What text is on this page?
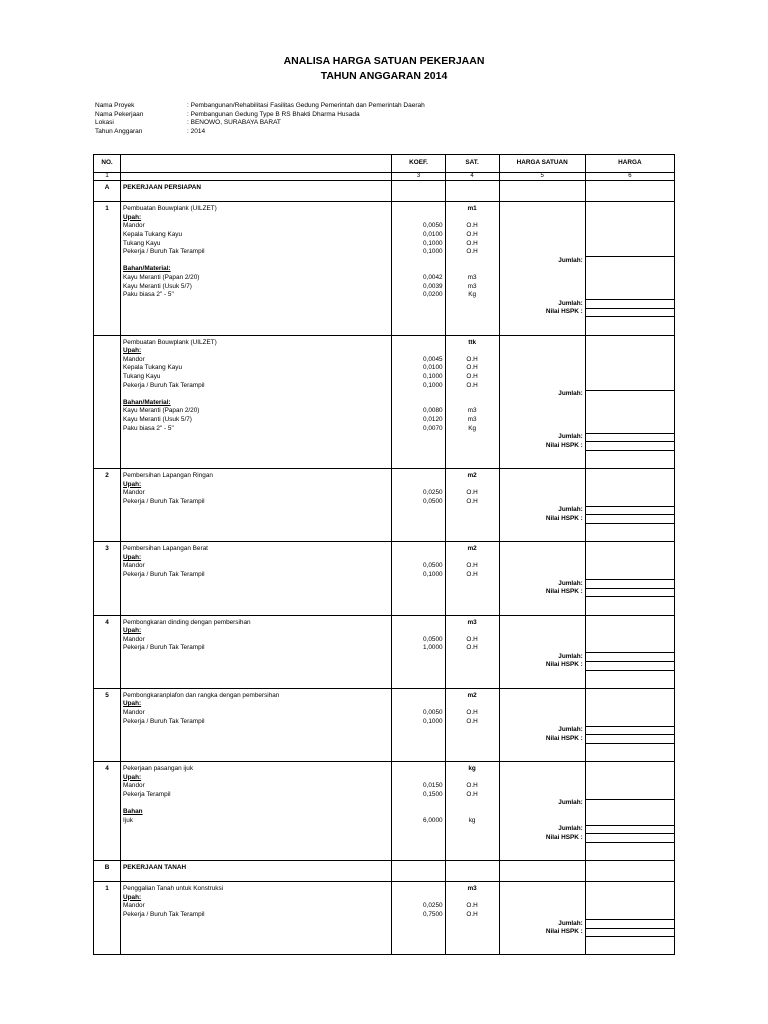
ANALISA HARGA SATUAN PEKERJAAN
TAHUN ANGGARAN 2014
Nama Proyek	: Pembangunan/Rehabilitasi Fasilitas Gedung Pemerintah dan Pemerintah Daerah
Nama Pekerjaan	: Pembangunan Gedung Type B RS Bhakti Dharma Husada
Lokasi	: BENOWO, SURABAYA BARAT
Tahun Anggaran	: 2014
NO.		KOEF.	SAT.	HARGA SATUAN	HARGA
1		3	4	5	6

A	PEKERJAAN PERSIAPAN				

1	Pembuatan Bouwplank (UILZET)		m1		
	Upah:				
	Mandor	0,0050	O.H		
	Kepala Tukang Kayu	0,0100	O.H		
	Tukang Kayu	0,1000	O.H		
	Pekerja / Buruh Tak Terampil	0,1000	O.H		
				Jumlah:	
	Bahan/Material:				
	Kayu Meranti (Papan 2/20)	0,0042	m3		
	Kayu Meranti (Usuk 5/7)	0,0039	m3		
	Paku biasa 2" - 5"	0,0200	Kg		
				Jumlah:	
				Nilai HSPK :	

	Pembuatan Bouwplank (UILZET)		ttk		
	Upah:				
	Mandor	0,0045	O.H		
	Kepala Tukang Kayu	0,0100	O.H		
	Tukang Kayu	0,1000	O.H		
	Pekerja / Buruh Tak Terampil	0,1000	O.H		
				Jumlah:	
	Bahan/Material:				
	Kayu Meranti (Papan 2/20)	0,0080	m3		
	Kayu Meranti (Usuk 5/7)	0,0120	m3		
	Paku biasa 2" - 5"	0,0070	Kg		
				Jumlah:	
				Nilai HSPK :	

2	Pembersihan Lapangan Ringan		m2		
	Upah:				
	Mandor	0,0250	O.H		
	Pekerja / Buruh Tak Terampil	0,0500	O.H		
				Jumlah:	
				Nilai HSPK :	

3	Pembersihan Lapangan Berat		m2		
	Upah:				
	Mandor	0,0500	O.H		
	Pekerja / Buruh Tak Terampil	0,1000	O.H		
				Jumlah:	
				Nilai HSPK :	

4	Pembongkaran dinding dengan pembersihan		m3		
	Upah:				
	Mandor	0,0500	O.H		
	Pekerja / Buruh Tak Terampil	1,0000	O.H		
				Jumlah:	
				Nilai HSPK :	

5	Pembongkaranplafon dan rangka dengan pembersihan		m2		
	Upah:				
	Mandor	0,0050	O.H		
	Pekerja / Buruh Tak Terampil	0,1000	O.H		
				Jumlah:	
				Nilai HSPK :	

4	Pekerjaan pasangan ijuk		kg		
	Upah:				
	Mandor	0,0150	O.H		
	Pekerja Terampil	0,1500	O.H		
				Jumlah:	
	Bahan				
	Ijuk	6,0000	kg		
				Jumlah:	
				Nilai HSPK :	

B	PEKERJAAN TANAH				

1	Penggalian Tanah untuk Konstruksi		m3		
	Upah:				
	Mandor	0,0250	O.H		
	Pekerja / Buruh Tak Terampil	0,7500	O.H		
				Jumlah:	
				Nilai HSPK :	
